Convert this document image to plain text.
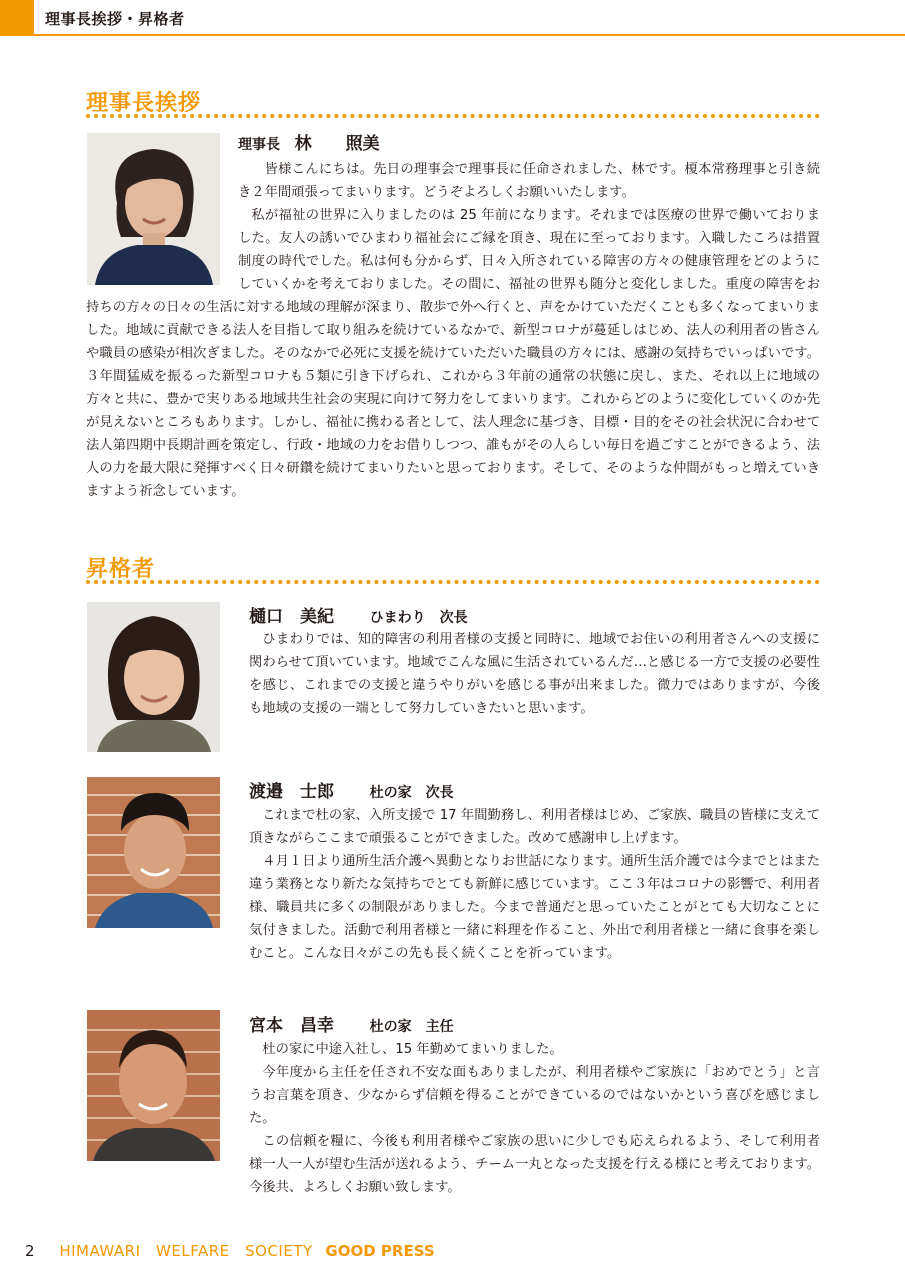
理事長挨拶・昇格者
理事長挨拶
理事長 林　　照美

皆様こんにちは。先日の理事会で理事長に任命されました、林です。榎本常務理事と引き続き２年間頑張ってまいります。どうぞよろしくお願いいたします。

私が福祉の世界に入りましたのは 25 年前になります。それまでは医療の世界で働いておりました。友人の誘いでひまわり福祉会にご縁を頂き、現在に至っております。入職したころは措置制度の時代でした。私は何も分からず、日々入所されている障害の方々の健康管理をどのようにしていくかを考えておりました。その間に、福祉の世界も随分と変化しました。重度の障害をお持ちの方々の日々の生活に対する地域の理解が深まり、散歩で外へ行くと、声をかけていただくことも多くなってまいりました。地域に貢献できる法人を目指して取り組みを続けているなかで、新型コロナが蔓延しはじめ、法人の利用者の皆さんや職員の感染が相次ぎました。そのなかで必死に支援を続けていただいた職員の方々には、感謝の気持ちでいっぱいです。３年間猛威を振るった新型コロナも５類に引き下げられ、これから３年前の通常の状態に戻し、また、それ以上に地域の方々と共に、豊かで実りある地域共生社会の実現に向けて努力をしてまいります。これからどのように変化していくのか先が見えないところもあります。しかし、福祉に携わる者として、法人理念に基づき、目標・目的をその社会状況に合わせて法人第四期中長期計画を策定し、行政・地域の力をお借りしつつ、誰もがその人らしい毎日を過ごすことができるよう、法人の力を最大限に発揮すべく日々研鑽を続けてまいりたいと思っております。そして、そのような仲間がもっと増えていきますよう祈念しています。

昇格者
樋口　美紀	ひまわり　次長

ひまわりでは、知的障害の利用者様の支援と同時に、地域でお住いの利用者さんへの支援に関わらせて頂いています。地域でこんな風に生活されているんだ…と感じる一方で支援の必要性を感じ、これまでの支援と違うやりがいを感じる事が出来ました。微力ではありますが、今後も地域の支援の一端として努力していきたいと思います。

渡邉　士郎	杜の家　次長

これまで杜の家、入所支援で 17 年間勤務し、利用者様はじめ、ご家族、職員の皆様に支えて頂きながらここまで頑張ることができました。改めて感謝申し上げます。

４月１日より通所生活介護へ異動となりお世話になります。通所生活介護では今までとはまた違う業務となり新たな気持ちでとても新鮮に感じています。ここ３年はコロナの影響で、利用者様、職員共に多くの制限がありました。今まで普通だと思っていたことがとても大切なことに気付きました。活動で利用者様と一緒に料理を作ること、外出で利用者様と一緒に食事を楽しむこと。こんな日々がこの先も長く続くことを祈っています。

宮本　昌幸	杜の家　主任

杜の家に中途入社し、15 年勤めてまいりました。

今年度から主任を任され不安な面もありましたが、利用者様やご家族に「おめでとう」と言うお言葉を頂き、少なからず信頼を得ることができているのではないかという喜びを感じました。

この信頼を糧に、今後も利用者様やご家族の思いに少しでも応えられるよう、そして利用者様一人一人が望む生活が送れるよう、チーム一丸となった支援を行える様にと考えております。今後共、よろしくお願い致します。

2 HIMAWARI　WELFARE　SOCIETY GOOD PRESS
